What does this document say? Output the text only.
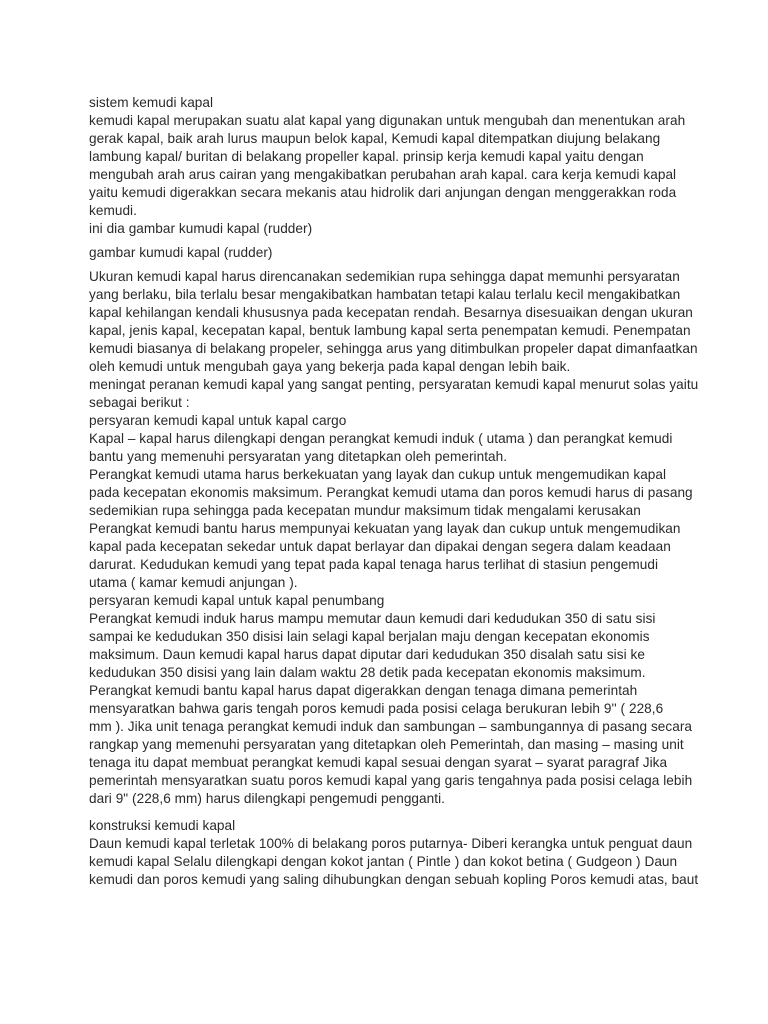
sistem kemudi kapal
kemudi kapal merupakan suatu alat kapal yang digunakan untuk mengubah dan menentukan arah
gerak kapal, baik arah lurus maupun belok kapal, Kemudi kapal ditempatkan diujung belakang
lambung kapal/ buritan di belakang propeller kapal. prinsip kerja kemudi kapal yaitu dengan
mengubah arah arus cairan yang mengakibatkan perubahan arah kapal. cara kerja kemudi kapal
yaitu kemudi digerakkan secara mekanis atau hidrolik dari anjungan dengan menggerakkan roda
kemudi.
ini dia gambar kumudi kapal (rudder)
gambar kumudi kapal (rudder)
Ukuran kemudi kapal harus direncanakan sedemikian rupa sehingga dapat memunhi persyaratan
yang berlaku, bila terlalu besar mengakibatkan hambatan tetapi kalau terlalu kecil mengakibatkan
kapal kehilangan kendali khususnya pada kecepatan rendah. Besarnya disesuaikan dengan ukuran
kapal, jenis kapal, kecepatan kapal, bentuk lambung kapal serta penempatan kemudi. Penempatan
kemudi biasanya di belakang propeler, sehingga arus yang ditimbulkan propeler dapat dimanfaatkan
oleh kemudi untuk mengubah gaya yang bekerja pada kapal dengan lebih baik.
meningat peranan kemudi kapal yang sangat penting, persyaratan kemudi kapal menurut solas yaitu
sebagai berikut :
persyaran kemudi kapal untuk kapal cargo
Kapal – kapal harus dilengkapi dengan perangkat kemudi induk ( utama ) dan perangkat kemudi
bantu yang memenuhi persyaratan yang ditetapkan oleh pemerintah.
Perangkat kemudi utama harus berkekuatan yang layak dan cukup untuk mengemudikan kapal
pada kecepatan ekonomis maksimum. Perangkat kemudi utama dan poros kemudi harus di pasang
sedemikian rupa sehingga pada kecepatan mundur maksimum tidak mengalami kerusakan
Perangkat kemudi bantu harus mempunyai kekuatan yang layak dan cukup untuk mengemudikan
kapal pada kecepatan sekedar untuk dapat berlayar dan dipakai dengan segera dalam keadaan
darurat. Kedudukan kemudi yang tepat pada kapal tenaga harus terlihat di stasiun pengemudi
utama ( kamar kemudi anjungan ).
persyaran kemudi kapal untuk kapal penumbang
Perangkat kemudi induk harus mampu memutar daun kemudi dari kedudukan 350 di satu sisi
sampai ke kedudukan 350 disisi lain selagi kapal berjalan maju dengan kecepatan ekonomis
maksimum. Daun kemudi kapal harus dapat diputar dari kedudukan 350 disalah satu sisi ke
kedudukan 350 disisi yang lain dalam waktu 28 detik pada kecepatan ekonomis maksimum.
Perangkat kemudi bantu kapal harus dapat digerakkan dengan tenaga dimana pemerintah
mensyaratkan bahwa garis tengah poros kemudi pada posisi celaga berukuran lebih 9'' ( 228,6
mm ). Jika unit tenaga perangkat kemudi induk dan sambungan – sambungannya di pasang secara
rangkap yang memenuhi persyaratan yang ditetapkan oleh Pemerintah, dan masing – masing unit
tenaga itu dapat membuat perangkat kemudi kapal sesuai dengan syarat – syarat paragraf Jika
pemerintah mensyaratkan suatu poros kemudi kapal yang garis tengahnya pada posisi celaga lebih
dari 9" (228,6 mm) harus dilengkapi pengemudi pengganti.
konstruksi kemudi kapal
Daun kemudi kapal terletak 100% di belakang poros putarnya- Diberi kerangka untuk penguat daun
kemudi kapal Selalu dilengkapi dengan kokot jantan ( Pintle ) dan kokot betina ( Gudgeon ) Daun
kemudi dan poros kemudi yang saling dihubungkan dengan sebuah kopling Poros kemudi atas, baut
